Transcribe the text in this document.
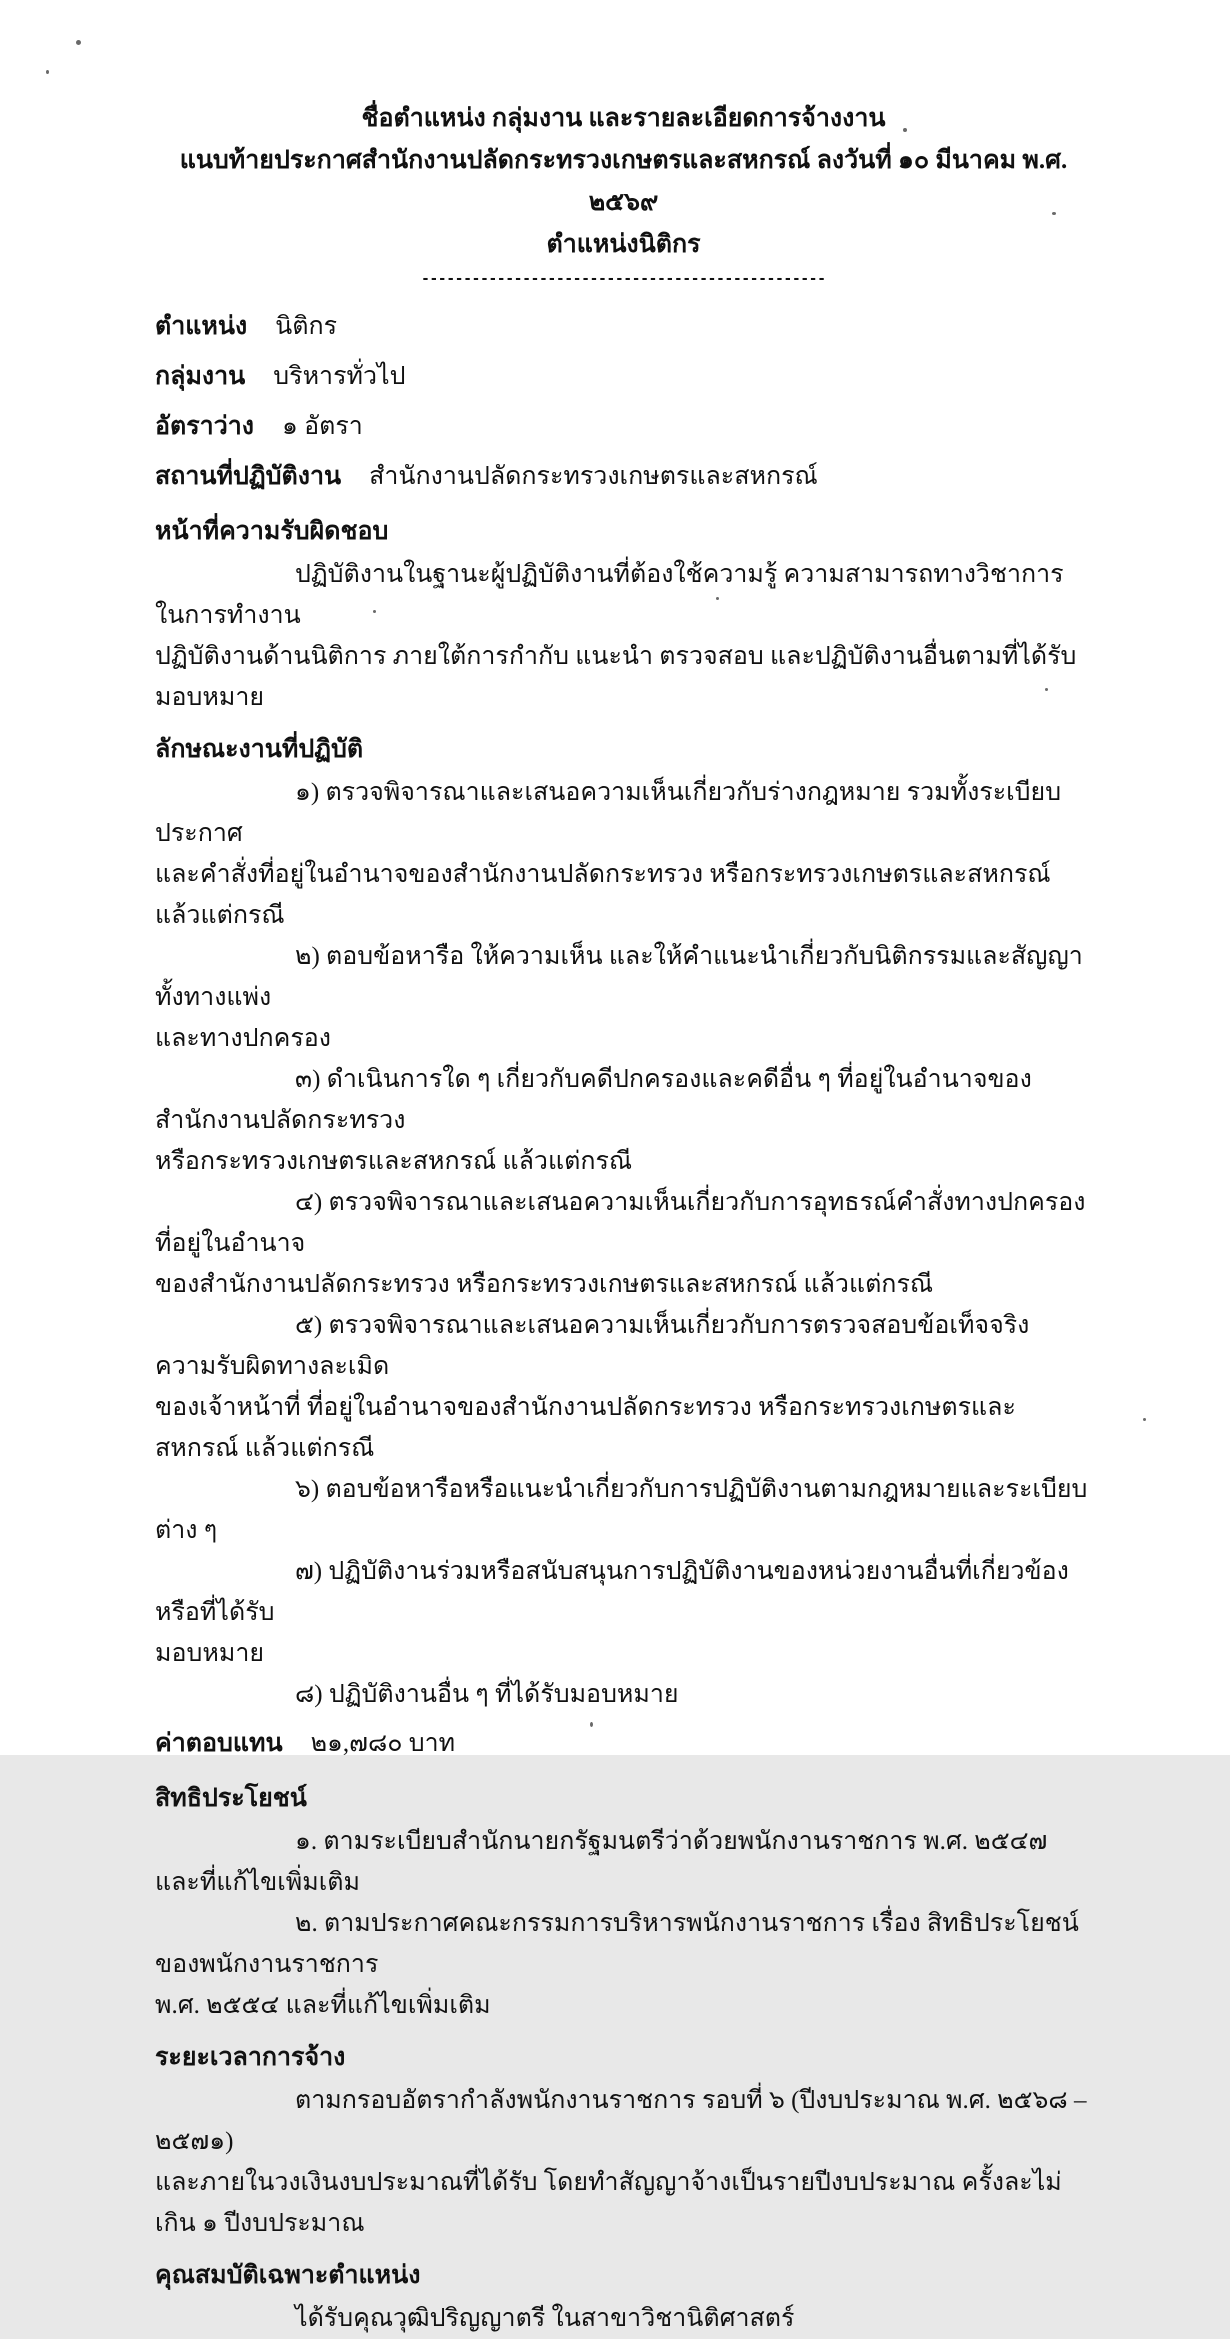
ชื่อตำแหน่ง กลุ่มงาน และรายละเอียดการจ้างงาน
แนบท้ายประกาศสำนักงานปลัดกระทรวงเกษตรและสหกรณ์ ลงวันที่ ๑๐ มีนาคม พ.ศ. ๒๕๖๙
ตำแหน่งนิติกร
------------------------------------------------
ตำแหน่ง นิติกร
กลุ่มงาน บริหารทั่วไป
อัตราว่าง ๑ อัตรา
สถานที่ปฏิบัติงาน สำนักงานปลัดกระทรวงเกษตรและสหกรณ์
หน้าที่ความรับผิดชอบ
ปฏิบัติงานในฐานะผู้ปฏิบัติงานที่ต้องใช้ความรู้ ความสามารถทางวิชาการในการทำงาน
ปฏิบัติงานด้านนิติการ ภายใต้การกำกับ แนะนำ ตรวจสอบ และปฏิบัติงานอื่นตามที่ได้รับมอบหมาย
ลักษณะงานที่ปฏิบัติ
๑) ตรวจพิจารณาและเสนอความเห็นเกี่ยวกับร่างกฎหมาย รวมทั้งระเบียบ ประกาศ
และคำสั่งที่อยู่ในอำนาจของสำนักงานปลัดกระทรวง หรือกระทรวงเกษตรและสหกรณ์ แล้วแต่กรณี
๒) ตอบข้อหารือ ให้ความเห็น และให้คำแนะนำเกี่ยวกับนิติกรรมและสัญญาทั้งทางแพ่ง
และทางปกครอง
๓) ดำเนินการใด ๆ เกี่ยวกับคดีปกครองและคดีอื่น ๆ ที่อยู่ในอำนาจของสำนักงานปลัดกระทรวง
หรือกระทรวงเกษตรและสหกรณ์ แล้วแต่กรณี
๔) ตรวจพิจารณาและเสนอความเห็นเกี่ยวกับการอุทธรณ์คำสั่งทางปกครองที่อยู่ในอำนาจ
ของสำนักงานปลัดกระทรวง หรือกระทรวงเกษตรและสหกรณ์ แล้วแต่กรณี
๕) ตรวจพิจารณาและเสนอความเห็นเกี่ยวกับการตรวจสอบข้อเท็จจริง ความรับผิดทางละเมิด
ของเจ้าหน้าที่ ที่อยู่ในอำนาจของสำนักงานปลัดกระทรวง หรือกระทรวงเกษตรและสหกรณ์ แล้วแต่กรณี
๖) ตอบข้อหารือหรือแนะนำเกี่ยวกับการปฏิบัติงานตามกฎหมายและระเบียบต่าง ๆ
๗) ปฏิบัติงานร่วมหรือสนับสนุนการปฏิบัติงานของหน่วยงานอื่นที่เกี่ยวข้องหรือที่ได้รับ
มอบหมาย
๘) ปฏิบัติงานอื่น ๆ ที่ได้รับมอบหมาย
ค่าตอบแทน ๒๑,๗๘๐ บาท
สิทธิประโยชน์
๑. ตามระเบียบสำนักนายกรัฐมนตรีว่าด้วยพนักงานราชการ พ.ศ. ๒๕๔๗ และที่แก้ไขเพิ่มเติม
๒. ตามประกาศคณะกรรมการบริหารพนักงานราชการ เรื่อง สิทธิประโยชน์ของพนักงานราชการ
พ.ศ. ๒๕๕๔ และที่แก้ไขเพิ่มเติม
ระยะเวลาการจ้าง
ตามกรอบอัตรากำลังพนักงานราชการ รอบที่ ๖ (ปีงบประมาณ พ.ศ. ๒๕๖๘ – ๒๕๗๑)
และภายในวงเงินงบประมาณที่ได้รับ โดยทำสัญญาจ้างเป็นรายปีงบประมาณ ครั้งละไม่เกิน ๑ ปีงบประมาณ
คุณสมบัติเฉพาะตำแหน่ง
ได้รับคุณวุฒิปริญญาตรี ในสาขาวิชานิติศาสตร์
